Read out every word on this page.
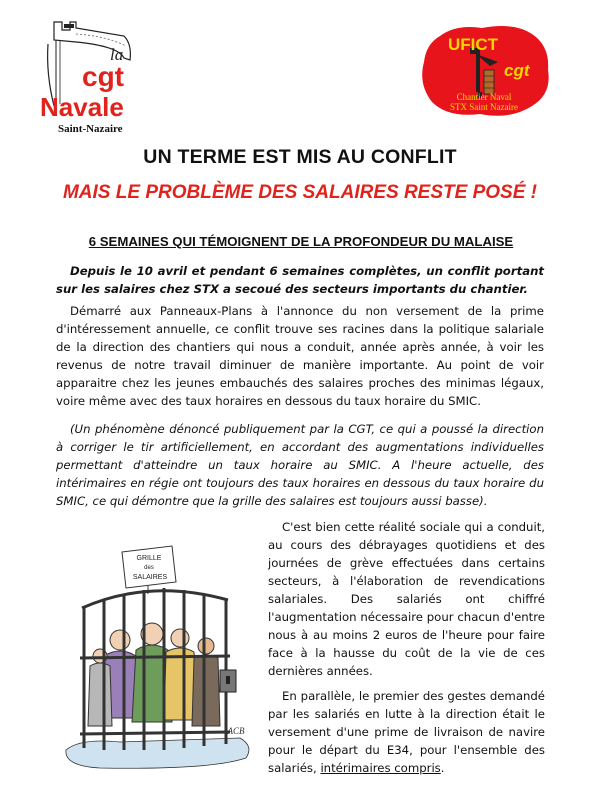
la
cgt
Navale
Saint-Nazaire
UFICT
cgt
Chantier Naval
STX Saint Nazaire
UN TERME EST MIS AU CONFLIT
MAIS LE PROBLÈME DES SALAIRES RESTE POSÉ !
6 SEMAINES QUI TÉMOIGNENT DE LA PROFONDEUR DU MALAISE

Depuis le 10 avril et pendant 6 semaines complètes, un conflit portant sur les salaires chez STX a secoué des secteurs importants du chantier.

Démarré aux Panneaux-Plans à l'annonce du non versement de la prime d'intéressement annuelle, ce conflit trouve ses racines dans la politique salariale de la direction des chantiers qui nous a conduit, année après année, à voir les revenus de notre travail diminuer de manière importante. Au point de voir apparaitre chez les jeunes embauchés des salaires proches des minimas légaux, voire même avec des taux horaires en dessous du taux horaire du SMIC.

(Un phénomène dénoncé publiquement par la CGT, ce qui a poussé la direction à corriger le tir artificiellement, en accordant des augmentations individuelles permettant d'atteindre un taux horaire au SMIC. A l'heure actuelle, des intérimaires en régie ont toujours des taux horaires en dessous du taux horaire du SMIC, ce qui démontre que la grille des salaires est toujours aussi basse).

C'est bien cette réalité sociale qui a conduit, au cours des débrayages quotidiens et des journées de grève effectuées dans certains secteurs, à l'élaboration de revendications salariales. Des salariés ont chiffré l'augmentation nécessaire pour chacun d'entre nous à au moins 2 euros de l'heure pour faire face à la hausse du coût de la vie de ces dernières années.

En parallèle, le premier des gestes demandé par les salariés en lutte à la direction était le versement d'une prime de livraison de navire pour le départ du E34, pour l'ensemble des salariés, intérimaires compris.

GRILLE
des
SALAIRES
ACB
